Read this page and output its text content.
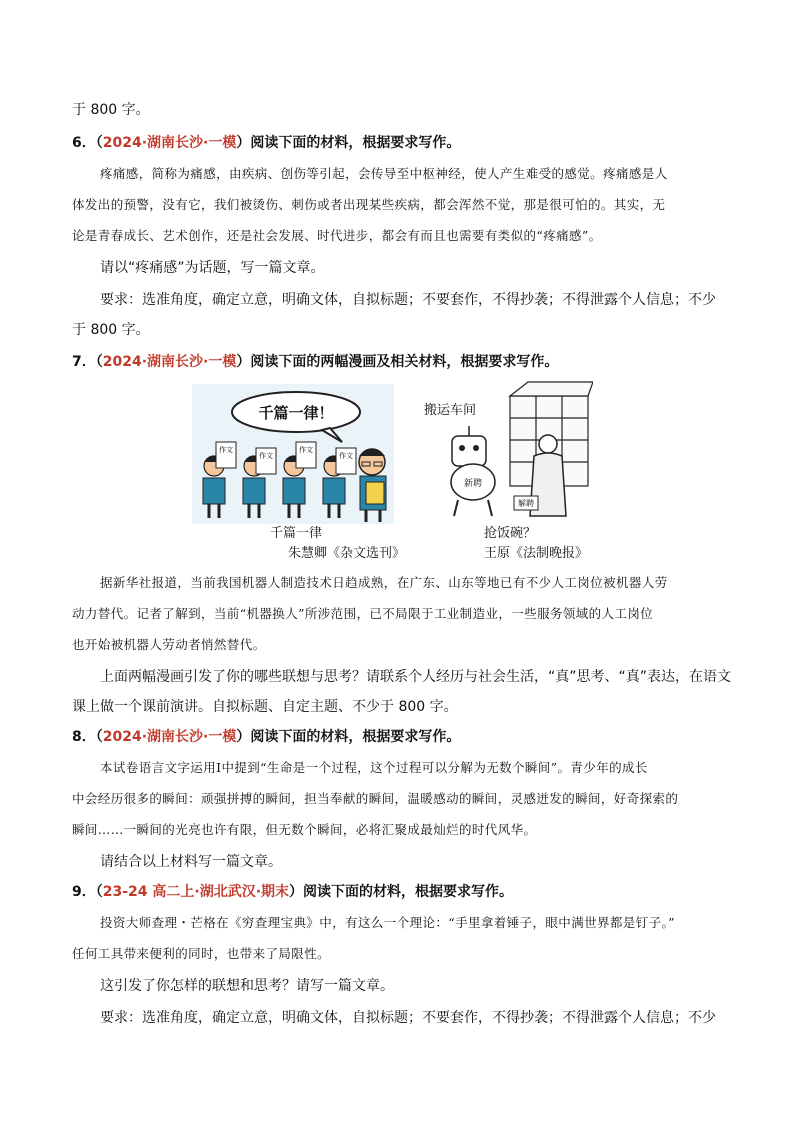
于 800 字。
6．（2024·湖南长沙·一模）阅读下面的材料，根据要求写作。
疼痛感，简称为痛感，由疾病、创伤等引起，会传导至中枢神经，使人产生难受的感觉。疼痛感是人
体发出的预警，没有它，我们被烫伤、刺伤或者出现某些疾病，都会浑然不觉，那是很可怕的。其实，无
论是青春成长、艺术创作，还是社会发展、时代进步，都会有而且也需要有类似的“疼痛感”。
请以“疼痛感”为话题，写一篇文章。
要求：选准角度，确定立意，明确文体，自拟标题；不要套作，不得抄袭；不得泄露个人信息；不少
于 800 字。
7．（2024·湖南长沙·一模）阅读下面的两幅漫画及相关材料，根据要求写作。
千篇一律！
作文
作文
作文
作文
千篇一律
朱慧卿《杂文选刊》
搬运车间
新聘
解聘
抢饭碗？
王原《法制晚报》
据新华社报道，当前我国机器人制造技术日趋成熟，在广东、山东等地已有不少人工岗位被机器人劳
动力替代。记者了解到，当前“机器换人”所涉范围，已不局限于工业制造业，一些服务领域的人工岗位
也开始被机器人劳动者悄然替代。
上面两幅漫画引发了你的哪些联想与思考？请联系个人经历与社会生活，“真”思考、“真”表达，在语文
课上做一个课前演讲。自拟标题、自定主题、不少于 800 字。
8．（2024·湖南长沙·一模）阅读下面的材料，根据要求写作。
本试卷语言文字运用Ⅰ中提到“生命是一个过程，这个过程可以分解为无数个瞬间”。青少年的成长
中会经历很多的瞬间：顽强拼搏的瞬间，担当奉献的瞬间，温暖感动的瞬间，灵感迸发的瞬间，好奇探索的
瞬间……一瞬间的光亮也许有限，但无数个瞬间，必将汇聚成最灿烂的时代风华。
请结合以上材料写一篇文章。
9．（23-24 高二上·湖北武汉·期末）阅读下面的材料，根据要求写作。
投资大师查理・芒格在《穷查理宝典》中，有这么一个理论：“手里拿着锤子，眼中满世界都是钉子。”
任何工具带来便利的同时，也带来了局限性。
这引发了你怎样的联想和思考？请写一篇文章。
要求：选准角度，确定立意，明确文体，自拟标题；不要套作，不得抄袭；不得泄露个人信息；不少
